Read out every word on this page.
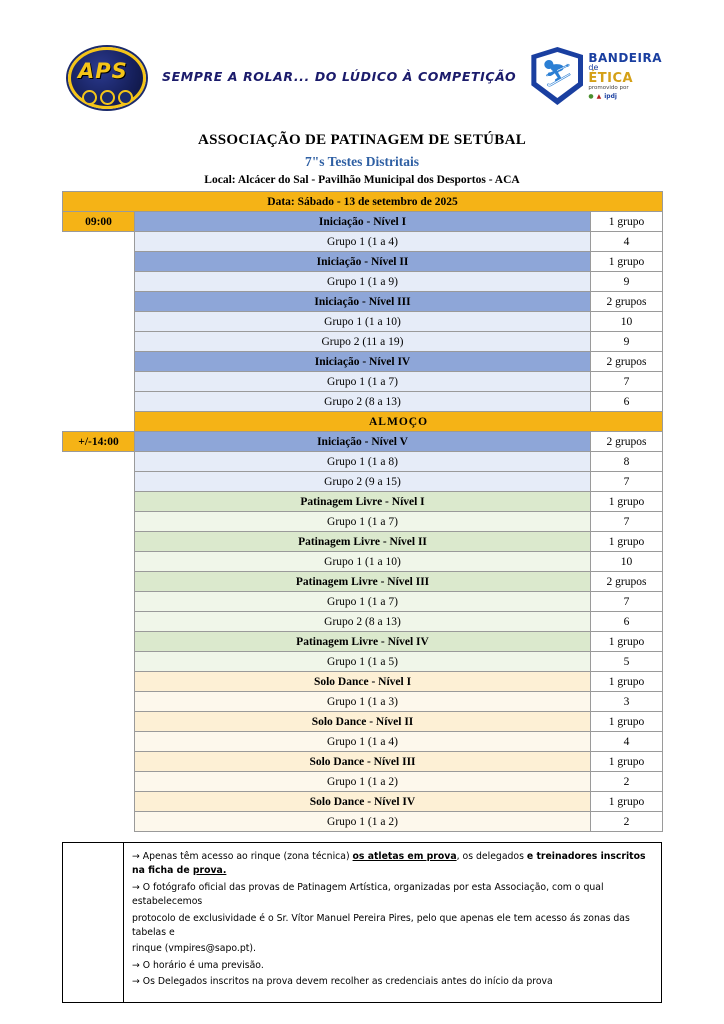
APS	SEMPRE A ROLAR... DO LÚDICO À COMPETIÇÃO ⛷
BANDEIRA
de
ÉTICA
promovido por
● ▲ ipdj
ASSOCIAÇÃO DE PATINAGEM DE SETÚBAL
7"s Testes Distritais
Local: Alcácer do Sal - Pavilhão Municipal dos Desportos - ACA
Data: Sábado - 13 de setembro de 2025		
09:00	Iniciação - Nível I	1 grupo
	Grupo 1 (1 a 4)	4
	Iniciação - Nível II	1 grupo
	Grupo 1 (1 a 9)	9
	Iniciação - Nível III	2 grupos
	Grupo 1 (1 a 10)	10
	Grupo 2 (11 a 19)	9
	Iniciação - Nível IV	2 grupos
	Grupo 1 (1 a 7)	7
	Grupo 2 (8 a 13)	6
	ALMOÇO	
+/-14:00	Iniciação - Nível V	2 grupos
	Grupo 1 (1 a 8)	8
	Grupo 2 (9 a 15)	7
	Patinagem Livre - Nível I	1 grupo
	Grupo 1 (1 a 7)	7
	Patinagem Livre - Nível II	1 grupo
	Grupo 1 (1 a 10)	10
	Patinagem Livre - Nível III	2 grupos
	Grupo 1 (1 a 7)	7
	Grupo 2 (8 a 13)	6
	Patinagem Livre - Nível IV	1 grupo
	Grupo 1 (1 a 5)	5
	Solo Dance - Nível I	1 grupo
	Grupo 1 (1 a 3)	3
	Solo Dance - Nível II	1 grupo
	Grupo 1 (1 a 4)	4
	Solo Dance - Nível III	1 grupo
	Grupo 1 (1 a 2)	2
	Solo Dance - Nível IV	1 grupo
	Grupo 1 (1 a 2)	2

→ Apenas têm acesso ao rinque (zona técnica) os atletas em prova, os delegados e treinadores inscritos na ficha de prova.

→ O fotógrafo oficial das provas de Patinagem Artística, organizadas por esta Associação, com o qual estabelecemos

protocolo de exclusividade é o Sr. Vítor Manuel Pereira Pires, pelo que apenas ele tem acesso ás zonas das tabelas e

rinque (vmpires@sapo.pt).

→ O horário é uma previsão.

→ Os Delegados inscritos na prova devem recolher as credenciais antes do início da prova
